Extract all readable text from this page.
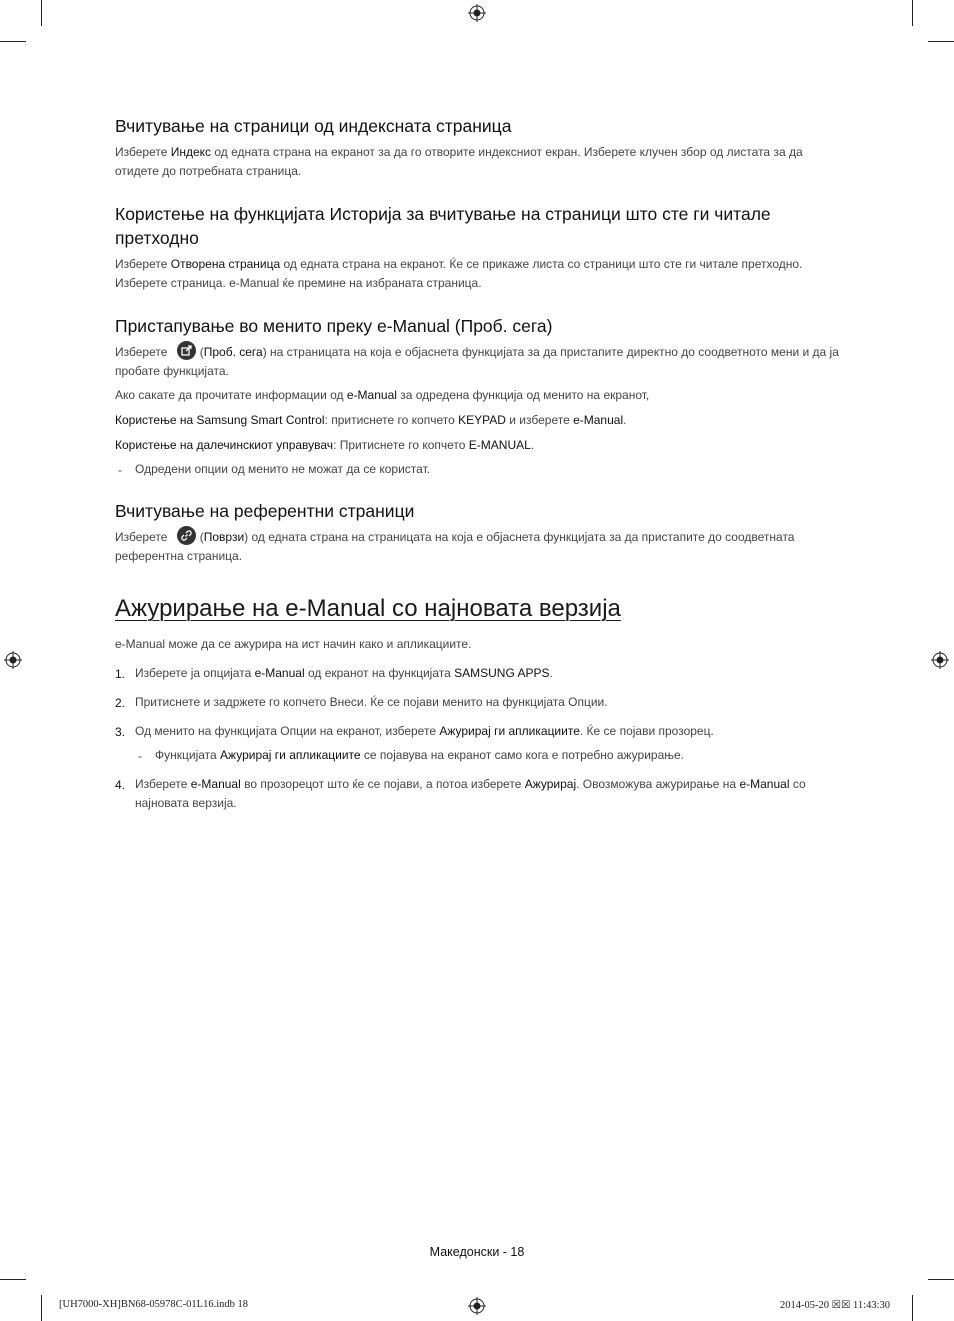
Вчитување на страници од индексната страница

Изберете Индекс од едната страна на екранот за да го отворите индексниот екран. Изберете клучен збор од листата за да
отидете до потребната страница.

Користење на функцијата Историја за вчитување на страници што сте ги читале
претходно

Изберете Отворена страница од едната страна на екранот. Ќе се прикаже листа со страници што сте ги читале претходно.
Изберете страница. e-Manual ќе премине на избраната страница.

Пристапување во менито преку e-Manual (Проб. сега)

Изберете	(Проб. сега) на страницата на која е објаснета функцијата за да пристапите директно до соодветното мени и да ја
пробате функцијата.

Ако сакате да прочитате информации од e-Manual за одредена функција од менито на екранот,

Користење на Samsung Smart Control: притиснете го копчето KEYPAD и изберете e-Manual.

Користење на далечинскиот управувач: Притиснете го копчето E-MANUAL.

- Одредени опции од менито не можат да се користат.

Вчитување на референтни страници

Изберете	(Поврзи) од едната страна на страницата на која е објаснета функцијата за да пристапите до соодветната
референтна страница.

Ажурирање на e-Manual со најновата верзија

e-Manual може да се ажурира на ист начин како и апликациите.

1. Изберете ја опцијата e-Manual од екранот на функцијата SAMSUNG APPS.

2. Притиснете и задржете го копчето Внеси. Ќе се појави менито на функцијата Опции.

3. Од менито на функцијата Опции на екранот, изберете Ажурирај ги апликациите. Ќе се појави прозорец.

- Функцијата Ажурирај ги апликациите се појавува на екранот само кога е потребно ажурирање.

4. Изберете e-Manual во прозорецот што ќе се појави, а потоа изберете Ажурирај. Овозможува ажурирање на e-Manual со
најновата верзија.

Македонски - 18
[UH7000-XH]BN68-05978C-01L16.indb 18	2014-05-20 ☒☒ 11:43:30
